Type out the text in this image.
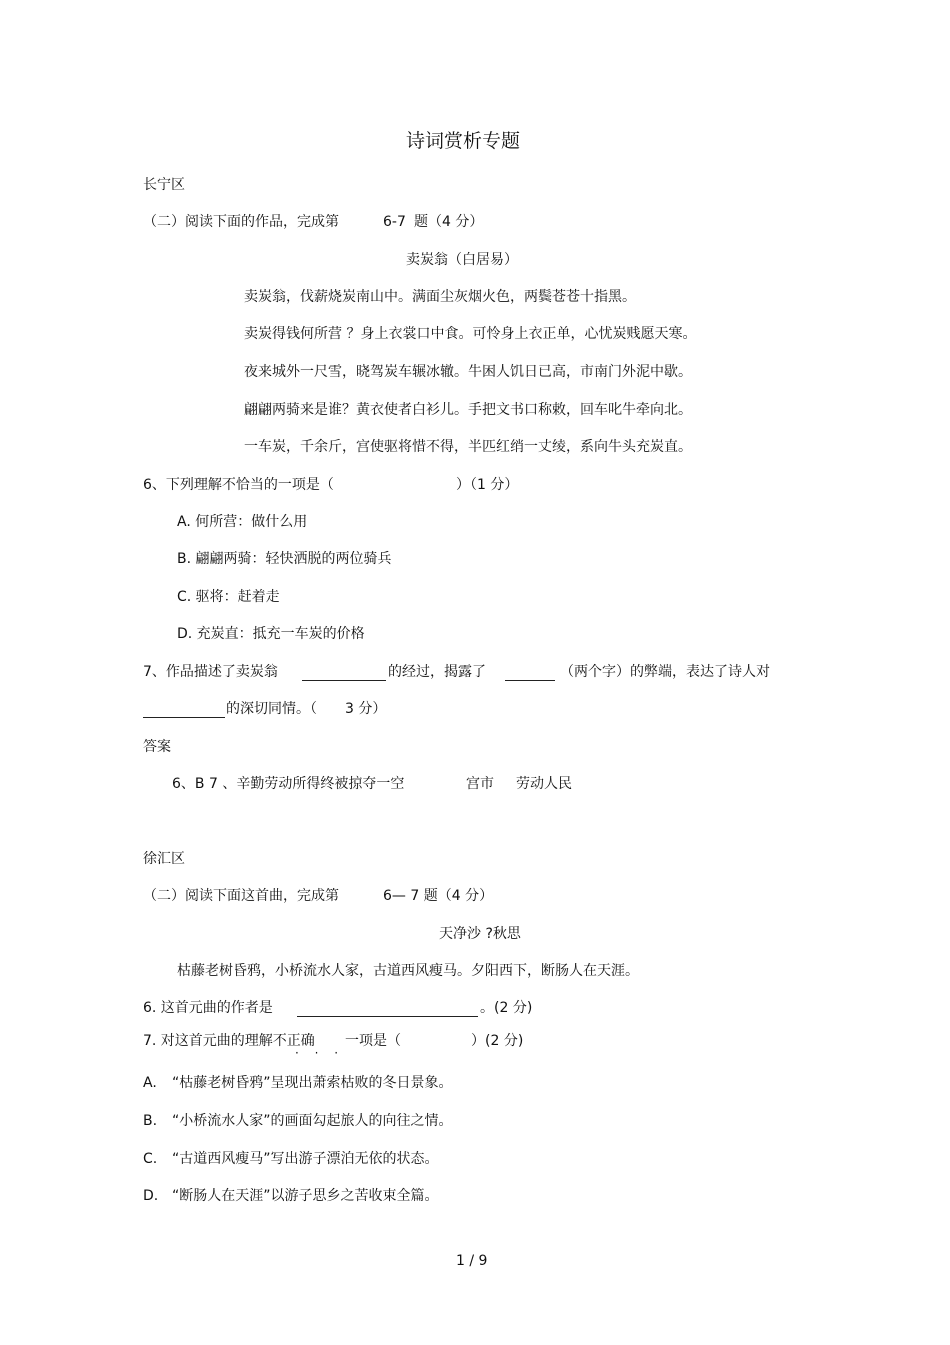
诗词赏析专题
长宁区
（二）阅读下面的作品，完成第	6-7 题（4 分）
卖炭翁（白居易）
卖炭翁，伐薪烧炭南山中。满面尘灰烟火色，两鬓苍苍十指黑。
卖炭得钱何所营 ？身上衣裳口中食。可怜身上衣正单，心忧炭贱愿天寒。
夜来城外一尺雪，晓驾炭车辗冰辙。牛困人饥日已高，市南门外泥中歇。
翩翩两骑来是谁？黄衣使者白衫儿。手把文书口称敕，回车叱牛牵向北。
一车炭，千余斤，宫使驱将惜不得，半匹红绡一丈绫，系向牛头充炭直。
6、下列理解不恰当的一项是（	）（1 分）
A. 何所营：做什么用
B. 翩翩两骑：轻快洒脱的两位骑兵
C. 驱将：赶着走
D. 充炭直：抵充一车炭的价格
7、作品描述了卖炭翁	的经过，揭露了	（两个字）的弊端，表达了诗人对
的深切同情。（ 3 分）
答案
6、B 7 、辛勤劳动所得终被掠夺一空	宫市 劳动人民
徐汇区
（二）阅读下面这首曲，完成第	6— 7 题（4 分）
天净沙 ?秋思
枯藤老树昏鸦，小桥流水人家，古道西风瘦马。夕阳西下，断肠人在天涯。
6. 这首元曲的作者是	。(2 分)
7. 对这首元曲的理解不正确
· · ·
一项是（	）(2 分)
A. “枯藤老树昏鸦”呈现出萧索枯败的冬日景象。
B. “小桥流水人家”的画面勾起旅人的向往之情。
C. “古道西风瘦马”写出游子漂泊无依的状态。
D. “断肠人在天涯”以游子思乡之苦收束全篇。
1 / 9
